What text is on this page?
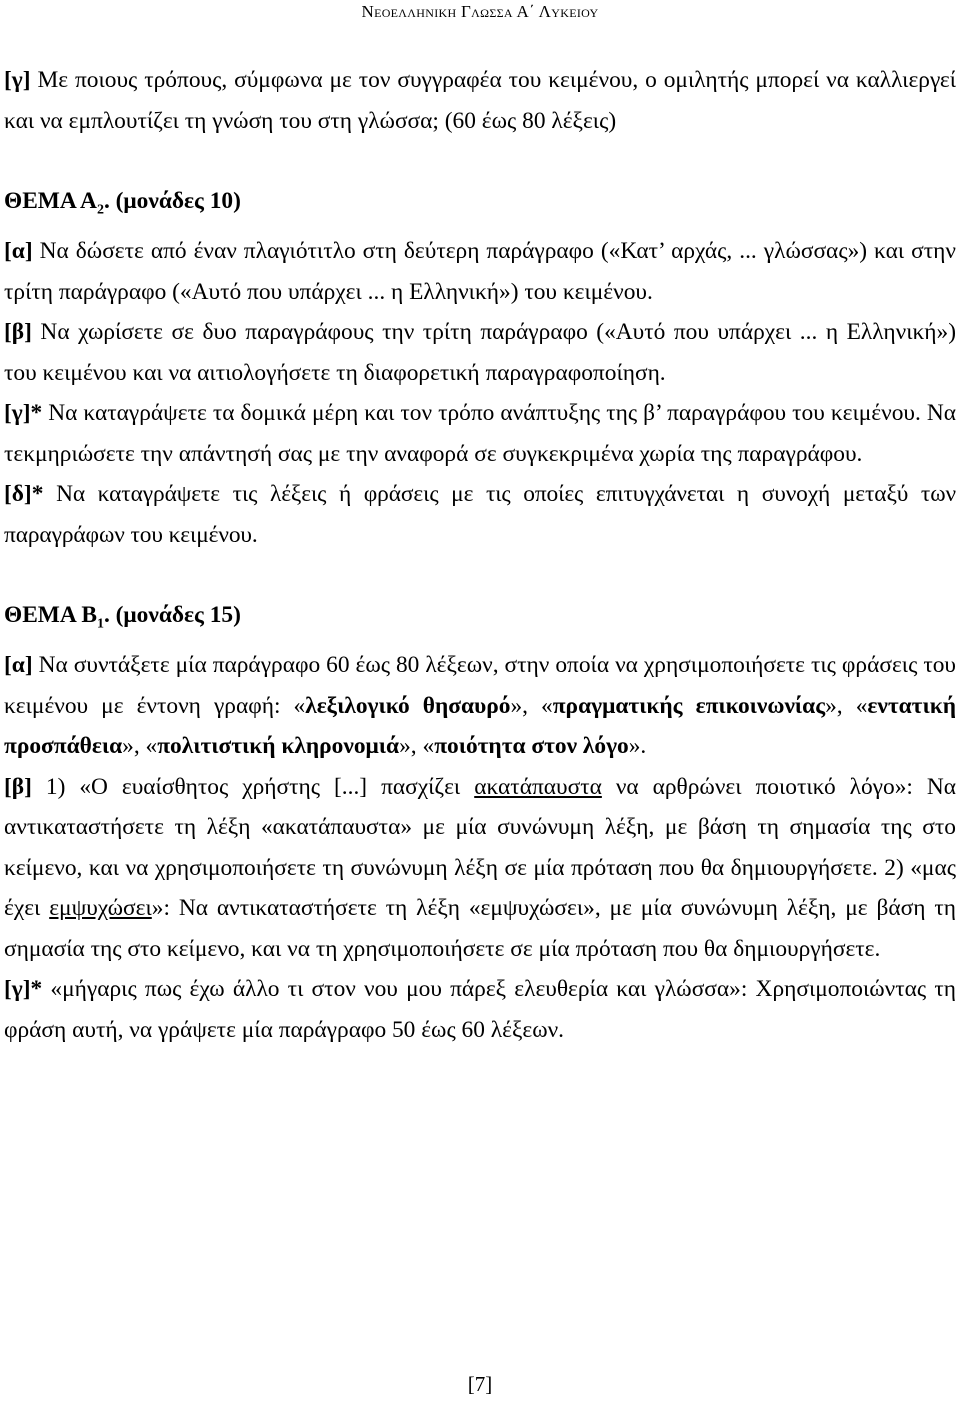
Νεοελληνικη Γλωσσα Α΄ Λυκειου

[γ] Με ποιους τρόπους, σύμφωνα με τον συγγραφέα του κειμένου, ο ομιλητής μπορεί να καλλιεργεί και να εμπλουτίζει τη γνώση του στη γλώσσα; (60 έως 80 λέξεις)

ΘΕΜΑ $A_2$. (μονάδες 10)

[α] Να δώσετε από έναν πλαγιότιτλο στη δεύτερη παράγραφο («Κατ’ αρχάς, ... γλώσσας») και στην τρίτη παράγραφο («Αυτό που υπάρχει ... η Ελληνική») του κειμένου.

[β] Να χωρίσετε σε δυο παραγράφους την τρίτη παράγραφο («Αυτό που υπάρχει ... η Ελληνική») του κειμένου και να αιτιολογήσετε τη διαφορετική παραγραφοποίηση.

[γ]* Να καταγράψετε τα δομικά μέρη και τον τρόπο ανάπτυξης της β’ παραγράφου του κειμένου. Να τεκμηριώσετε την απάντησή σας με την αναφορά σε συγκεκριμένα χωρία της παραγράφου.

[δ]* Να καταγράψετε τις λέξεις ή φράσεις με τις οποίες επιτυγχάνεται η συνοχή μεταξύ των παραγράφων του κειμένου.

ΘΕΜΑ $B_1$. (μονάδες 15)

[α] Να συντάξετε μία παράγραφο 60 έως 80 λέξεων, στην οποία να χρησιμοποιήσετε τις φράσεις του κειμένου με έντονη γραφή: «λεξιλογικό θησαυρό», «πραγματικής επικοινωνίας», «εντατική προσπάθεια», «πολιτιστική κληρονομιά», «ποιότητα στον λόγο».

[β] 1) «Ο ευαίσθητος χρήστης [...] πασχίζει ακατάπαυστα να αρθρώνει ποιοτικό λόγο»: Να αντικαταστήσετε τη λέξη «ακατάπαυστα» με μία συνώνυμη λέξη, με βάση τη σημασία της στο κείμενο, και να χρησιμοποιήσετε τη συνώνυμη λέξη σε μία πρόταση που θα δημιουργήσετε. 2) «μας έχει εμψυχώσει»: Να αντικαταστήσετε τη λέξη «εμψυχώσει», με μία συνώνυμη λέξη, με βάση τη σημασία της στο κείμενο, και να τη χρησιμοποιήσετε σε μία πρόταση που θα δημιουργήσετε.

[γ]* «μήγαρις πως έχω άλλο τι στον νου μου πάρεξ ελευθερία και γλώσσα»: Χρησιμοποιώντας τη φράση αυτή, να γράψετε μία παράγραφο 50 έως 60 λέξεων.

[7]
